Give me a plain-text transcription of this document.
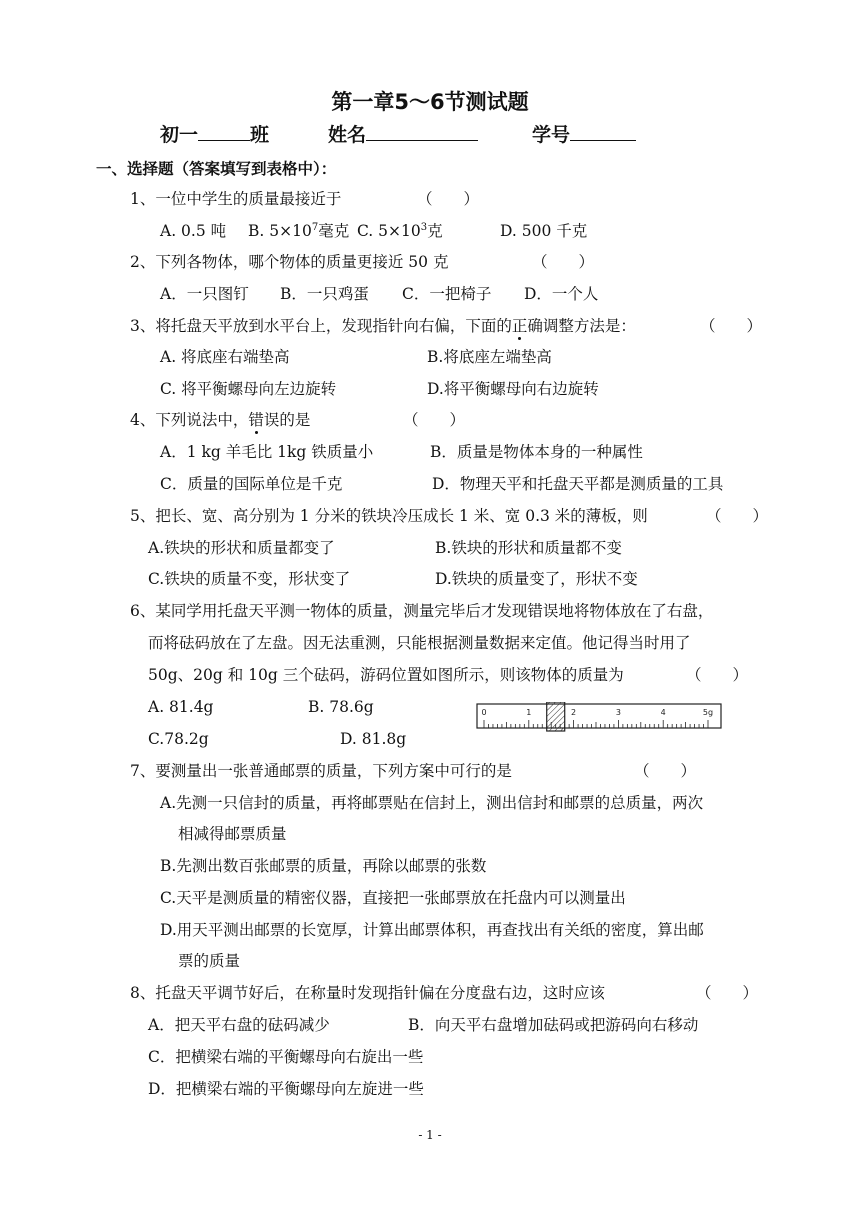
第一章5～6节测试题
初一	班	姓名	学号
一、选择题（答案填写到表格中）：
1、一位中学生的质量最接近于	（　　）
A. 0.5 吨 B. $5\times 10^7$毫克 C. $5\times 10^3$克	D. 500 千克
2、下列各物体，哪个物体的质量更接近 50 克	（　　）
A．一只图钉 B．一只鸡蛋 C．一把椅子 D．一个人
3、将托盘天平放到水平台上，发现指针向右偏，下面的正确调整方法是：	（　　）
A. 将底座右端垫高	B.将底座左端垫高
C. 将平衡螺母向左边旋转	D.将平衡螺母向右边旋转
4、下列说法中，错误的是	（　　）
A．1 kg 羊毛比 1kg 铁质量小	B．质量是物体本身的一种属性
C．质量的国际单位是千克	D．物理天平和托盘天平都是测质量的工具
5、把长、宽、高分别为 1 分米的铁块冷压成长 1 米、宽 0.3 米的薄板，则	（　　）
A.铁块的形状和质量都变了	B.铁块的形状和质量都不变
C.铁块的质量不变，形状变了	D.铁块的质量变了，形状不变
6、某同学用托盘天平测一物体的质量，测量完毕后才发现错误地将物体放在了右盘，
而将砝码放在了左盘。因无法重测，只能根据测量数据来定值。他记得当时用了
50g、20g 和 10g 三个砝码，游码位置如图所示，则该物体的质量为	（　　）
A. 81.4g	B. 78.6g
C.78.2g	D. 81.8g
0	1	2	3	4	5g
7、要测量出一张普通邮票的质量，下列方案中可行的是	（　　）
A.先测一只信封的质量，再将邮票贴在信封上，测出信封和邮票的总质量，两次
相减得邮票质量
B.先测出数百张邮票的质量，再除以邮票的张数
C.天平是测质量的精密仪器，直接把一张邮票放在托盘内可以测量出
D.用天平测出邮票的长宽厚，计算出邮票体积，再查找出有关纸的密度，算出邮
票的质量
8、托盘天平调节好后，在称量时发现指针偏在分度盘右边，这时应该	（　　）
A．把天平右盘的砝码减少	B．向天平右盘增加砝码或把游码向右移动
C．把横梁右端的平衡螺母向右旋出一些
D．把横梁右端的平衡螺母向左旋进一些
- 1 -
